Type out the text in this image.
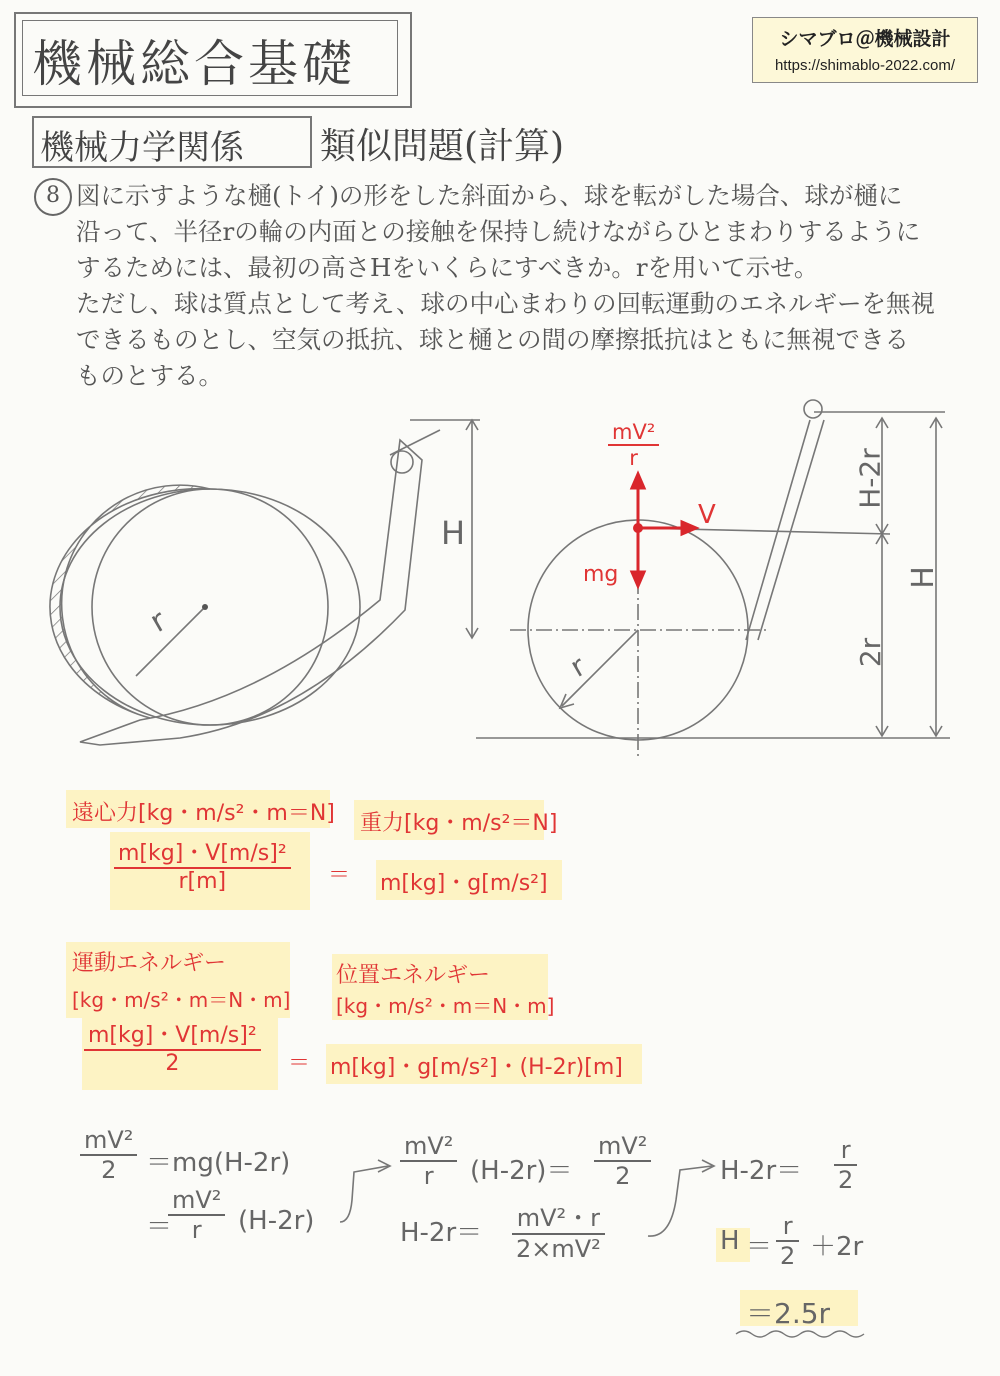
機械総合基礎
機械力学関係 類似問題(計算)
シマブロ＠機械設計
https://shimablo-2022.com/
8 図に示すような樋(トイ)の形をした斜面から、球を転がした場合、球が樋に

沿って、半径rの輪の内面との接触を保持し続けながらひとまわりするように

するためには、最初の高さHをいくらにすべきか。rを用いて示せ。

ただし、球は質点として考え、球の中心まわりの回転運動のエネルギーを無視

できるものとし、空気の抵抗、球と樋との間の摩擦抵抗はともに無視できる

ものとする。

H
r
$\frac{\text{mV²}}{r}$
V
mg
r
H-2r
2r
H
遠心力[kg・m/s²・m＝N] 重力[kg・m/s²＝N]
$\frac{\text{m[kg]・V[m/s]²}}{r[m]} = m[kg]$・g[m/s²]
運動エネルギー
[kg・m/s²・m＝N・m]
位置エネルギー
[kg・m/s²・m＝N・m]
$\frac{\text{m[kg]・V[m/s]²}}{2} = m[kg]$・g[m/s²]・(H-2r)[m]
$\frac{\text{mV²}}{2} =mg(H-2r)$
＝
$\frac{\text{mV²}}{r} (H-2r)$
$\frac{\text{mV²}}{r} (H-2r)= \frac{\text{mV²}}{2}$
$H-2r= \frac{\text{mV²・r}}{\text{2×mV²}}$
$H-2r= \frac{r}{2}$
$H = \frac{r}{2} +2r$
＝2.5r
